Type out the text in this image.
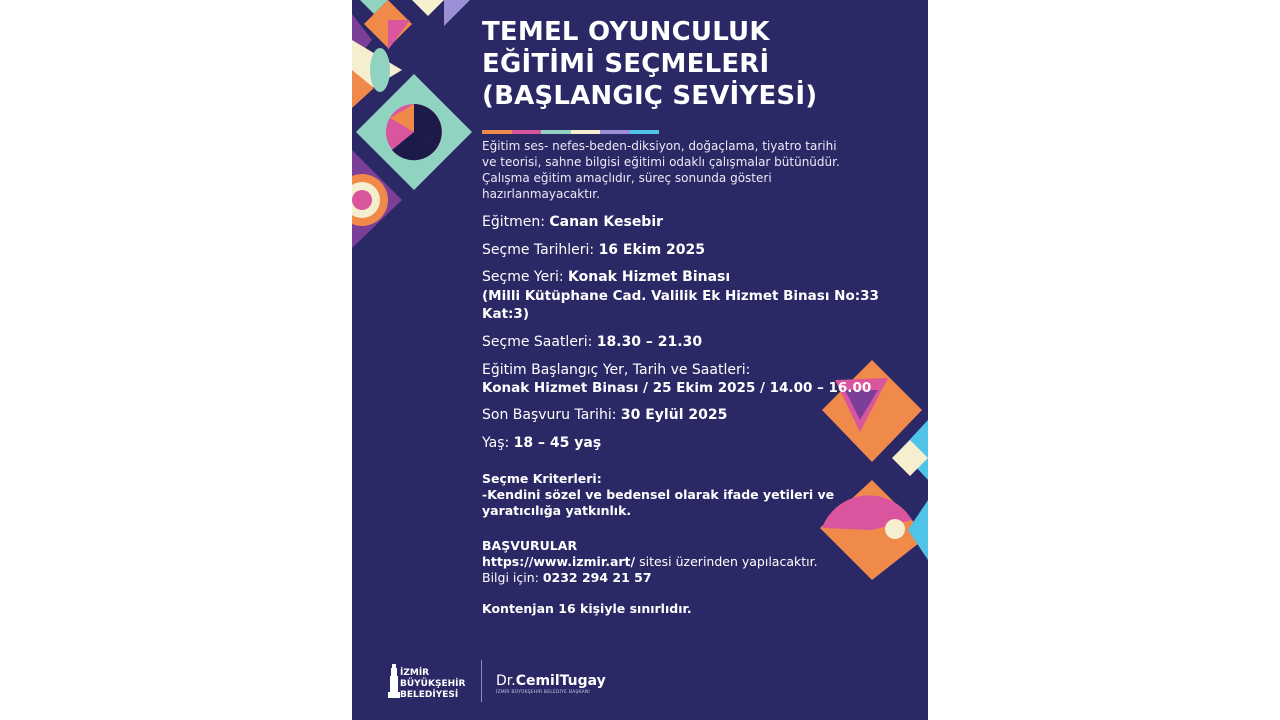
TEMEL OYUNCULUK
EĞİTİMİ SEÇMELERİ
(BAŞLANGIÇ SEVİYESİ)
Eğitim ses- nefes-beden-diksiyon, doğaçlama, tiyatro tarihi
ve teorisi, sahne bilgisi eğitimi odaklı çalışmalar bütünüdür.
Çalışma eğitim amaçlıdır, süreç sonunda gösteri
hazırlanmayacaktır.
Eğitmen: Canan Kesebir
Seçme Tarihleri: 16 Ekim 2025
Seçme Yeri: Konak Hizmet Binası
(Milli Kütüphane Cad. Valilik Ek Hizmet Binası No:33
Kat:3)
Seçme Saatleri: 18.30 – 21.30
Eğitim Başlangıç Yer, Tarih ve Saatleri:
Konak Hizmet Binası / 25 Ekim 2025 / 14.00 – 16.00
Son Başvuru Tarihi: 30 Eylül 2025
Yaş: 18 – 45 yaş
Seçme Kriterleri:
-Kendini sözel ve bedensel olarak ifade yetileri ve
yaratıcılığa yatkınlık.
BAŞVURULAR
https://www.izmir.art/ sitesi üzerinden yapılacaktır.
Bilgi için: 0232 294 21 57
Kontenjan 16 kişiyle sınırlıdır.
İZMİR
BÜYÜKŞEHİR
BELEDİYESİ
Dr.CemilTugay
İZMİR BÜYÜKŞEHİR BELEDİYE BAŞKANI
